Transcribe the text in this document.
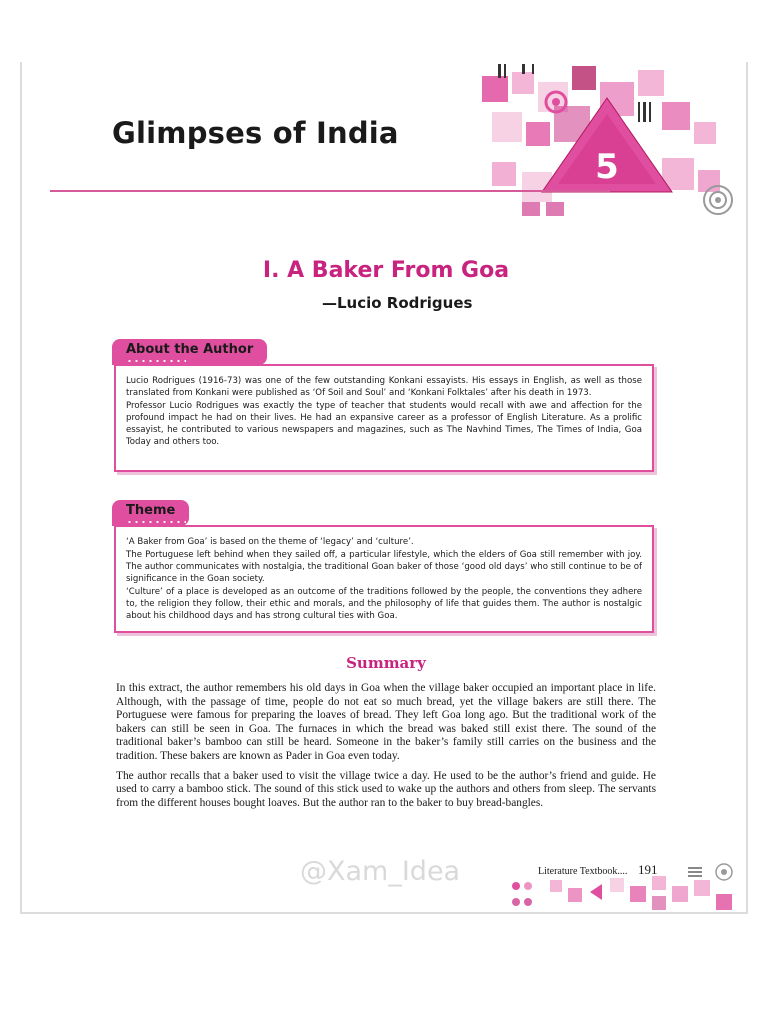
5
Glimpses of India
I. A Baker From Goa
—Lucio Rodrigues
About the Author

Lucio Rodrigues (1916-73) was one of the few outstanding Konkani essayists. His essays in English, as well as those translated from Konkani were published as ‘Of Soil and Soul’ and ‘Konkani Folktales’ after his death in 1973.

Professor Lucio Rodrigues was exactly the type of teacher that students would recall with awe and affection for the profound impact he had on their lives. He had an expansive career as a professor of English Literature. As a prolific essayist, he contributed to various newspapers and magazines, such as The Navhind Times, The Times of India, Goa Today and others too.

Theme

‘A Baker from Goa’ is based on the theme of ‘legacy’ and ‘culture’.

The Portuguese left behind when they sailed off, a particular lifestyle, which the elders of Goa still remember with joy. The author communicates with nostalgia, the traditional Goan baker of those ‘good old days’ who still continue to be of significance in the Goan society.

‘Culture’ of a place is developed as an outcome of the traditions followed by the people, the conventions they adhere to, the religion they follow, their ethic and morals, and the philosophy of life that guides them. The author is nostalgic about his childhood days and has strong cultural ties with Goa.

Summary

In this extract, the author remembers his old days in Goa when the village baker occupied an important place in life. Although, with the passage of time, people do not eat so much bread, yet the village bakers are still there. The Portuguese were famous for preparing the loaves of bread. They left Goa long ago. But the traditional work of the bakers can still be seen in Goa. The furnaces in which the bread was baked still exist there. The sound of the traditional baker’s bamboo can still be heard. Someone in the baker’s family still carries on the business and the tradition. These bakers are known as Pader in Goa even today.

The author recalls that a baker used to visit the village twice a day. He used to be the author’s friend and guide. He used to carry a bamboo stick. The sound of this stick used to wake up the authors and others from sleep. The servants from the different houses bought loaves. But the author ran to the baker to buy bread-bangles.

@Xam_Idea	Literature Textbook.... 191
